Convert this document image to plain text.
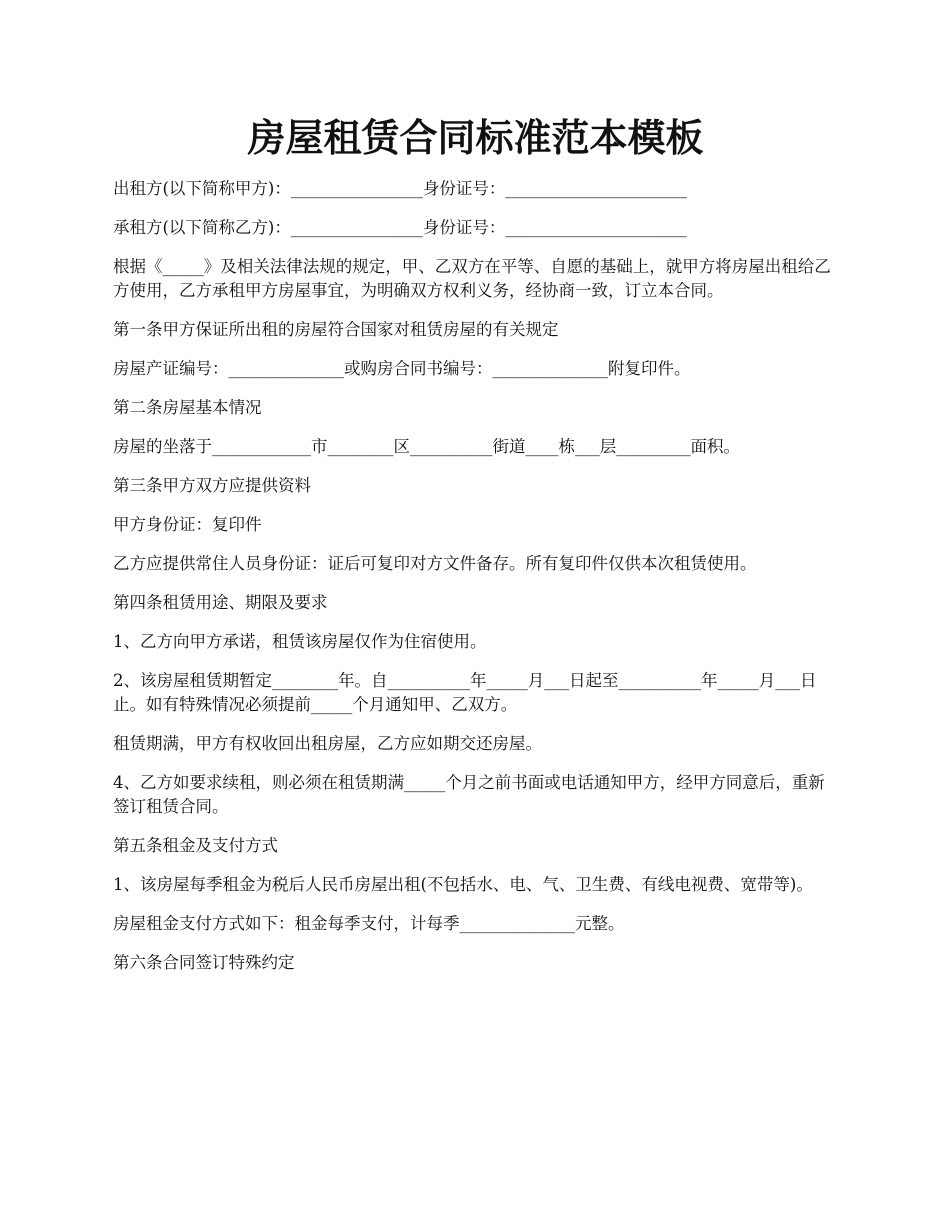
房屋租赁合同标准范本模板

出租方(以下简称甲方)：________________身份证号：______________________

承租方(以下简称乙方)：________________身份证号：______________________

根据《_____》及相关法律法规的规定，甲、乙双方在平等、自愿的基础上，就甲方将房屋出租给乙方使用，乙方承租甲方房屋事宜，为明确双方权利义务，经协商一致，订立本合同。

第一条甲方保证所出租的房屋符合国家对租赁房屋的有关规定

房屋产证编号：______________或购房合同书编号：______________附复印件。

第二条房屋基本情况

房屋的坐落于____________市________区__________街道____栋___层_________面积。

第三条甲方双方应提供资料

甲方身份证：复印件

乙方应提供常住人员身份证：证后可复印对方文件备存。所有复印件仅供本次租赁使用。

第四条租赁用途、期限及要求

1、乙方向甲方承诺，租赁该房屋仅作为住宿使用。

2、该房屋租赁期暂定________年。自__________年_____月___日起至__________年_____月___日止。如有特殊情况必须提前_____个月通知甲、乙双方。

租赁期满，甲方有权收回出租房屋，乙方应如期交还房屋。

4、乙方如要求续租，则必须在租赁期满_____个月之前书面或电话通知甲方，经甲方同意后，重新签订租赁合同。

第五条租金及支付方式

1、该房屋每季租金为税后人民币房屋出租(不包括水、电、气、卫生费、有线电视费、宽带等)。

房屋租金支付方式如下：租金每季支付，计每季______________元整。

第六条合同签订特殊约定
